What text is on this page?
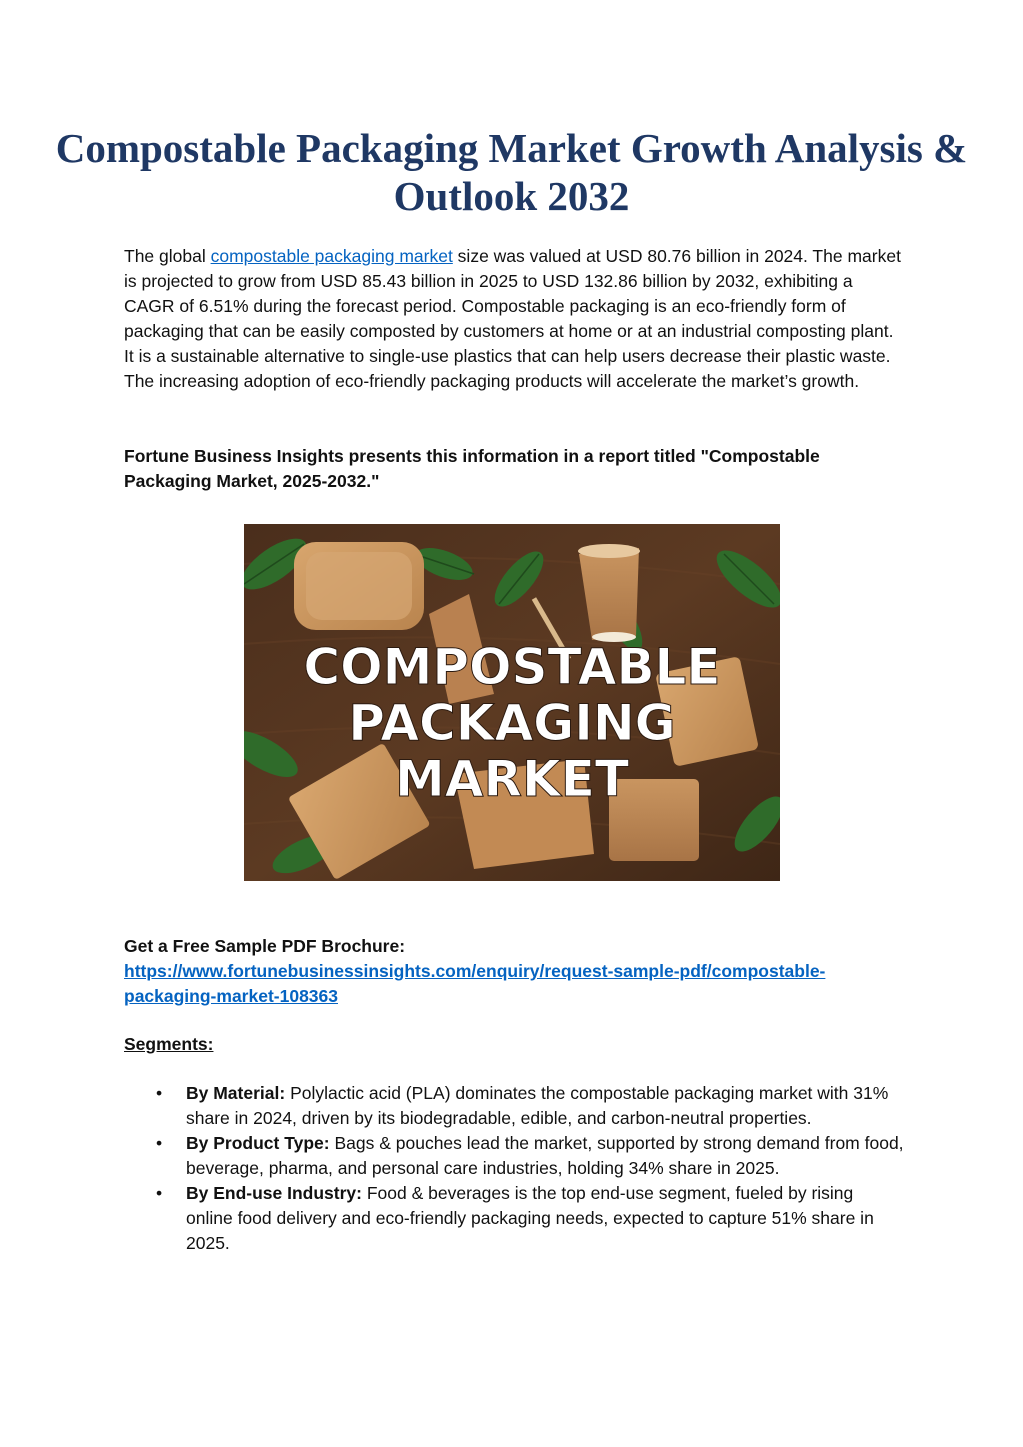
Compostable Packaging Market Growth Analysis & Outlook 2032

The global compostable packaging market size was valued at USD 80.76 billion in 2024. The market is projected to grow from USD 85.43 billion in 2025 to USD 132.86 billion by 2032, exhibiting a CAGR of 6.51% during the forecast period. Compostable packaging is an eco-friendly form of packaging that can be easily composted by customers at home or at an industrial composting plant. It is a sustainable alternative to single-use plastics that can help users decrease their plastic waste. The increasing adoption of eco-friendly packaging products will accelerate the market’s growth.

Fortune Business Insights presents this information in a report titled "Compostable Packaging Market, 2025-2032."

COMPOSTABLE
PACKAGING
MARKET

Get a Free Sample PDF Brochure:
https://www.fortunebusinessinsights.com/enquiry/request-sample-pdf/compostable-packaging-market-108363

Segments:

• By Material: Polylactic acid (PLA) dominates the compostable packaging market with 31% share in 2024, driven by its biodegradable, edible, and carbon-neutral properties.
• By Product Type: Bags & pouches lead the market, supported by strong demand from food, beverage, pharma, and personal care industries, holding 34% share in 2025.
• By End-use Industry: Food & beverages is the top end-use segment, fueled by rising online food delivery and eco-friendly packaging needs, expected to capture 51% share in 2025.
